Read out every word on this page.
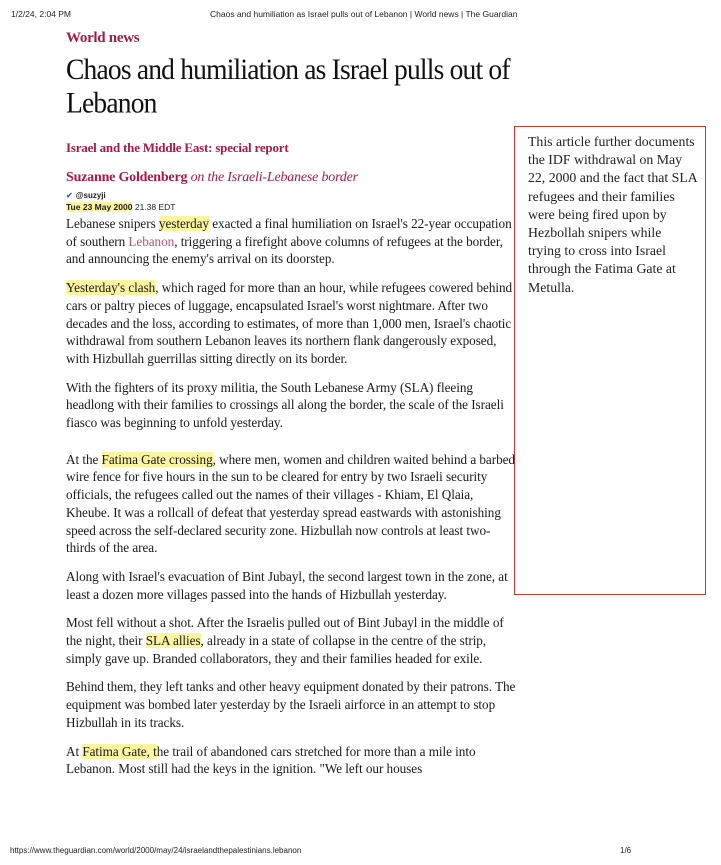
1/2/24, 2:04 PM	Chaos and humiliation as Israel pulls out of Lebanon | World news | The Guardian
World news
Chaos and humiliation as Israel pulls out of Lebanon
Israel and the Middle East: special report
Suzanne Goldenberg on the Israeli-Lebanese border
✔ @suzyji
Tue 23 May 2000 21.38 EDT

Lebanese snipers yesterday exacted a final humiliation on Israel's 22-year occupation of southern Lebanon, triggering a firefight above columns of refugees at the border, and announcing the enemy's arrival on its doorstep.

Yesterday's clash, which raged for more than an hour, while refugees cowered behind cars or paltry pieces of luggage, encapsulated Israel's worst nightmare. After two decades and the loss, according to estimates, of more than 1,000 men, Israel's chaotic withdrawal from southern Lebanon leaves its northern flank dangerously exposed, with Hizbullah guerrillas sitting directly on its border.

With the fighters of its proxy militia, the South Lebanese Army (SLA) fleeing headlong with their families to crossings all along the border, the scale of the Israeli fiasco was beginning to unfold yesterday.

At the Fatima Gate crossing, where men, women and children waited behind a barbed wire fence for five hours in the sun to be cleared for entry by two Israeli security officials, the refugees called out the names of their villages - Khiam, El Qlaia, Kheube. It was a rollcall of defeat that yesterday spread eastwards with astonishing speed across the self-declared security zone. Hizbullah now controls at least two-thirds of the area.

Along with Israel's evacuation of Bint Jubayl, the second largest town in the zone, at least a dozen more villages passed into the hands of Hizbullah yesterday.

Most fell without a shot. After the Israelis pulled out of Bint Jubayl in the middle of the night, their SLA allies, already in a state of collapse in the centre of the strip, simply gave up. Branded collaborators, they and their families headed for exile.

Behind them, they left tanks and other heavy equipment donated by their patrons. The equipment was bombed later yesterday by the Israeli airforce in an attempt to stop Hizbullah in its tracks.

At Fatima Gate, the trail of abandoned cars stretched for more than a mile into Lebanon. Most still had the keys in the ignition. "We left our houses

This article further documents the IDF withdrawal on May 22, 2000 and the fact that SLA refugees and their families were being fired upon by Hezbollah snipers while trying to cross into Israel through the Fatima Gate at Metulla.
https://www.theguardian.com/world/2000/may/24/israelandthepalestinians.lebanon	1/6
